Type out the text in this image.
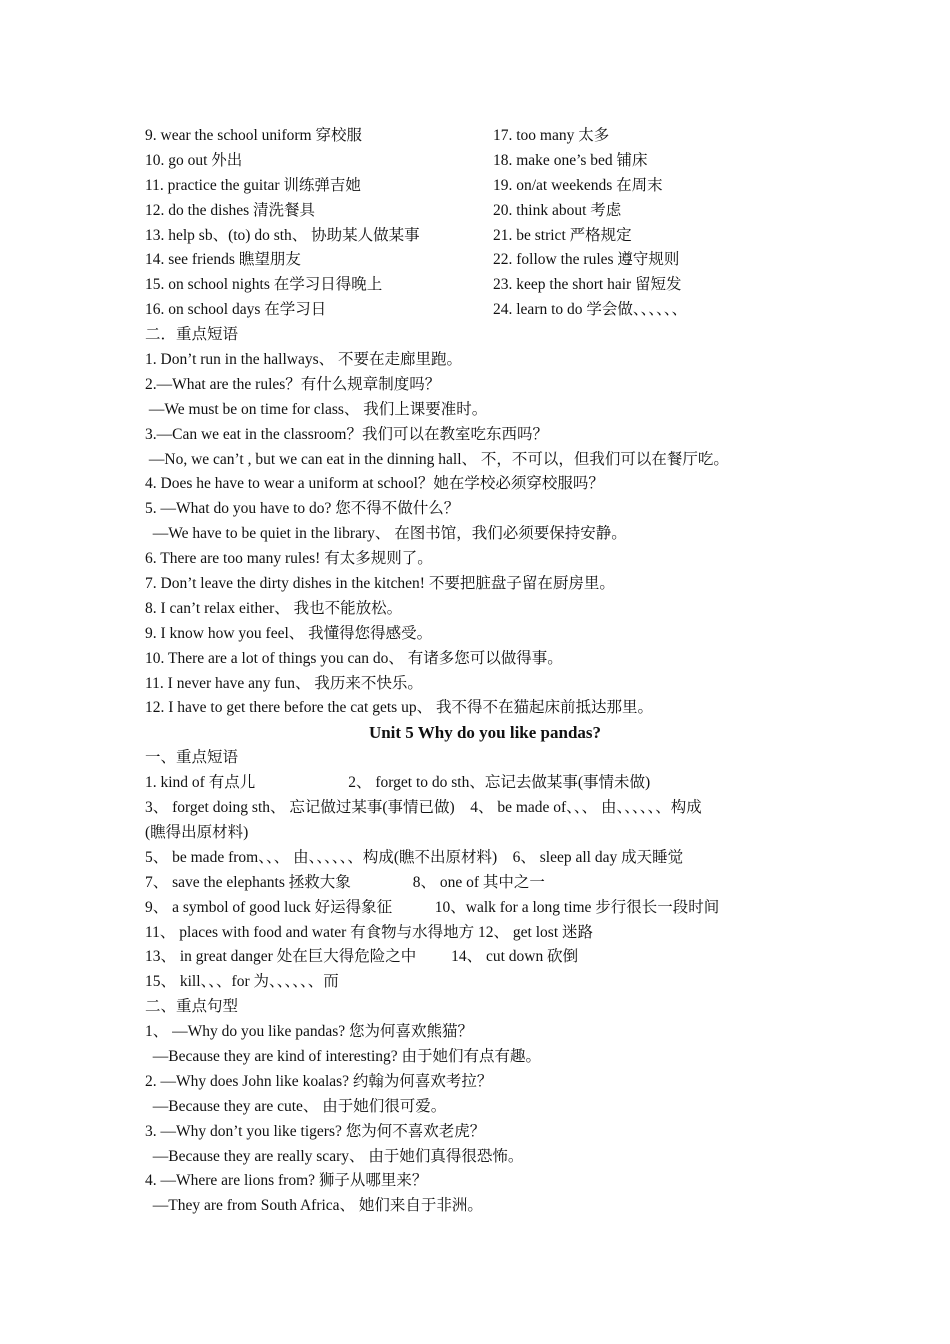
9. wear the school uniform 穿校服
10. go out 外出
11. practice the guitar 训练弹吉她
12. do the dishes 清洗餐具
13. help sb、(to) do sth、 协助某人做某事
14. see friends 瞧望朋友
15. on school nights 在学习日得晚上
16. on school days 在学习日
17. too many 太多
18. make one’s bed 铺床
19. on/at weekends 在周末
20. think about 考虑
21. be strict 严格规定
22. follow the rules 遵守规则
23. keep the short hair 留短发
24. learn to do 学会做、、、、、、
二．重点短语
1. Don’t run in the hallways、 不要在走廊里跑。
2.—What are the rules？有什么规章制度吗？
—We must be on time for class、 我们上课要准时。
3.—Can we eat in the classroom？我们可以在教室吃东西吗？
—No, we can’t , but we can eat in the dinning hall、 不，不可以，但我们可以在餐厅吃。
4. Does he have to wear a uniform at school？她在学校必须穿校服吗？
5. —What do you have to do? 您不得不做什么？
—We have to be quiet in the library、 在图书馆，我们必须要保持安静。
6. There are too many rules! 有太多规则了。
7. Don’t leave the dirty dishes in the kitchen! 不要把脏盘子留在厨房里。
8. I can’t relax either、 我也不能放松。
9. I know how you feel、 我懂得您得感受。
10. There are a lot of things you can do、 有诸多您可以做得事。
11. I never have any fun、 我历来不快乐。
12. I have to get there before the cat gets up、 我不得不在猫起床前抵达那里。
Unit 5 Why do you like pandas?
一、重点短语
1. kind of 有点儿                        2、 forget to do sth、忘记去做某事(事情未做)
3、 forget doing sth、 忘记做过某事(事情已做)    4、 be made of、、、 由、、、、、、构成
(瞧得出原材料)
5、 be made from、、、 由、、、、、、构成(瞧不出原材料)    6、 sleep all day 成天睡觉
7、 save the elephants 拯救大象                8、 one of 其中之一
9、 a symbol of good luck 好运得象征           10、walk for a long time 步行很长一段时间
11、 places with food and water 有食物与水得地方 12、 get lost 迷路
13、 in great danger 处在巨大得危险之中         14、 cut down 砍倒
15、 kill、、、for 为、、、、、、而
二、重点句型
1、 —Why do you like pandas? 您为何喜欢熊猫？
—Because they are kind of interesting? 由于她们有点有趣。
2. —Why does John like koalas? 约翰为何喜欢考拉？
—Because they are cute、 由于她们很可爱。
3. —Why don’t you like tigers? 您为何不喜欢老虎？
—Because they are really scary、 由于她们真得很恐怖。
4. —Where are lions from? 狮子从哪里来？
—They are from South Africa、 她们来自于非洲。
